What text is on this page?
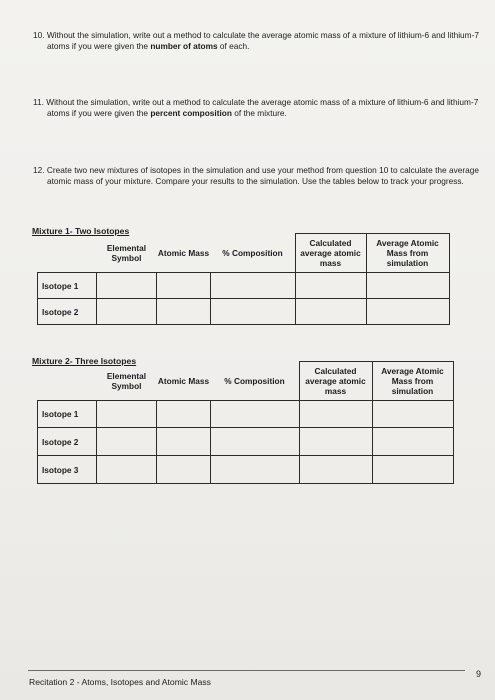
10. Without the simulation, write out a method to calculate the average atomic mass of a mixture of lithium-6 and lithium-7 atoms if you were given the number of atoms of each.
11. Without the simulation, write out a method to calculate the average atomic mass of a mixture of lithium-6 and lithium-7 atoms if you were given the percent composition of the mixture.
12. Create two new mixtures of isotopes in the simulation and use your method from question 10 to calculate the average atomic mass of your mixture. Compare your results to the simulation. Use the tables below to track your progress.
Mixture 1- Two Isotopes
	Elemental Symbol	Atomic Mass	% Composition	Calculated average atomic mass	Average Atomic Mass from simulation
Isotope 1					
Isotope 2					
Mixture 2- Three Isotopes
	Elemental Symbol	Atomic Mass	% Composition	Calculated average atomic mass	Average Atomic Mass from simulation
Isotope 1					
Isotope 2					
Isotope 3					
Recitation 2 - Atoms, Isotopes and Atomic Mass
9
